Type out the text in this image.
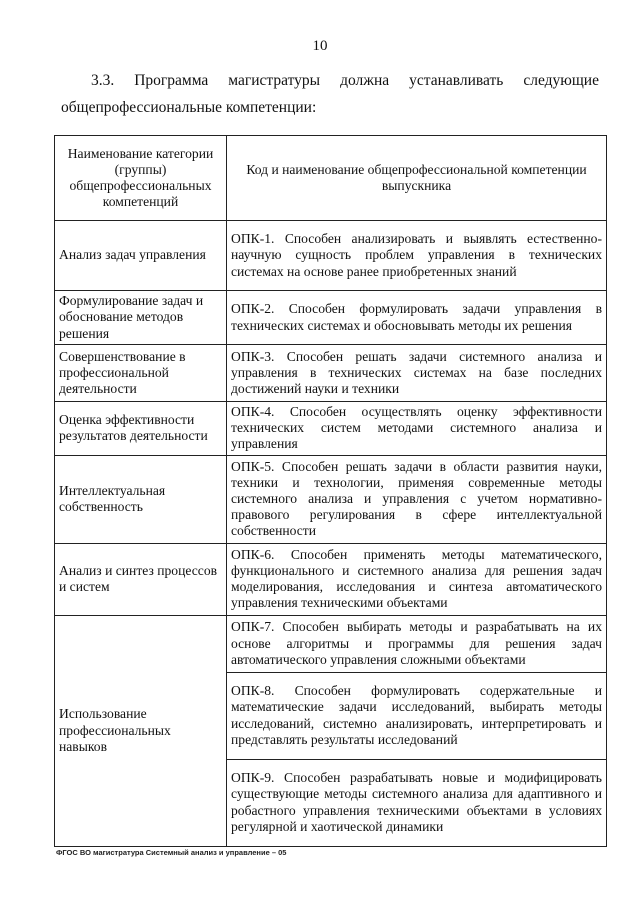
10
3.3. Программа магистратуры должна устанавливать следующие
общепрофессиональные компетенции:
Наименование категории (группы) общепрофессиональных компетенций	Код и наименование общепрофессиональной компетенции выпускника
Анализ задач управления	ОПК-1. Способен анализировать и выявлять естественно-научную сущность проблем управления в технических системах на основе ранее приобретенных знаний
Формулирование задач и обоснование методов решения	ОПК-2. Способен формулировать задачи управления в технических системах и обосновывать методы их решения
Совершенствование в профессиональной деятельности	ОПК-3. Способен решать задачи системного анализа и управления в технических системах на базе последних достижений науки и техники
Оценка эффективности результатов деятельности	ОПК-4. Способен осуществлять оценку эффективности технических систем методами системного анализа и управления
Интеллектуальная собственность	ОПК-5. Способен решать задачи в области развития науки, техники и технологии, применяя современные методы системного анализа и управления с учетом нормативно-правового регулирования в сфере интеллектуальной собственности
Анализ и синтез процессов и систем	ОПК-6. Способен применять методы математического, функционального и системного анализа для решения задач моделирования, исследования и синтеза автоматического управления техническими объектами
Использование профессиональных навыков	ОПК-7. Способен выбирать методы и разрабатывать на их основе алгоритмы и программы для решения задач автоматического управления сложными объектами
	ОПК-8. Способен формулировать содержательные и математические задачи исследований, выбирать методы исследований, системно анализировать, интерпретировать и представлять результаты исследований
	ОПК-9. Способен разрабатывать новые и модифицировать существующие методы системного анализа для адаптивного и робастного управления техническими объектами в условиях регулярной и хаотической динамики
ФГОС ВО магистратура Системный анализ и управление – 05
